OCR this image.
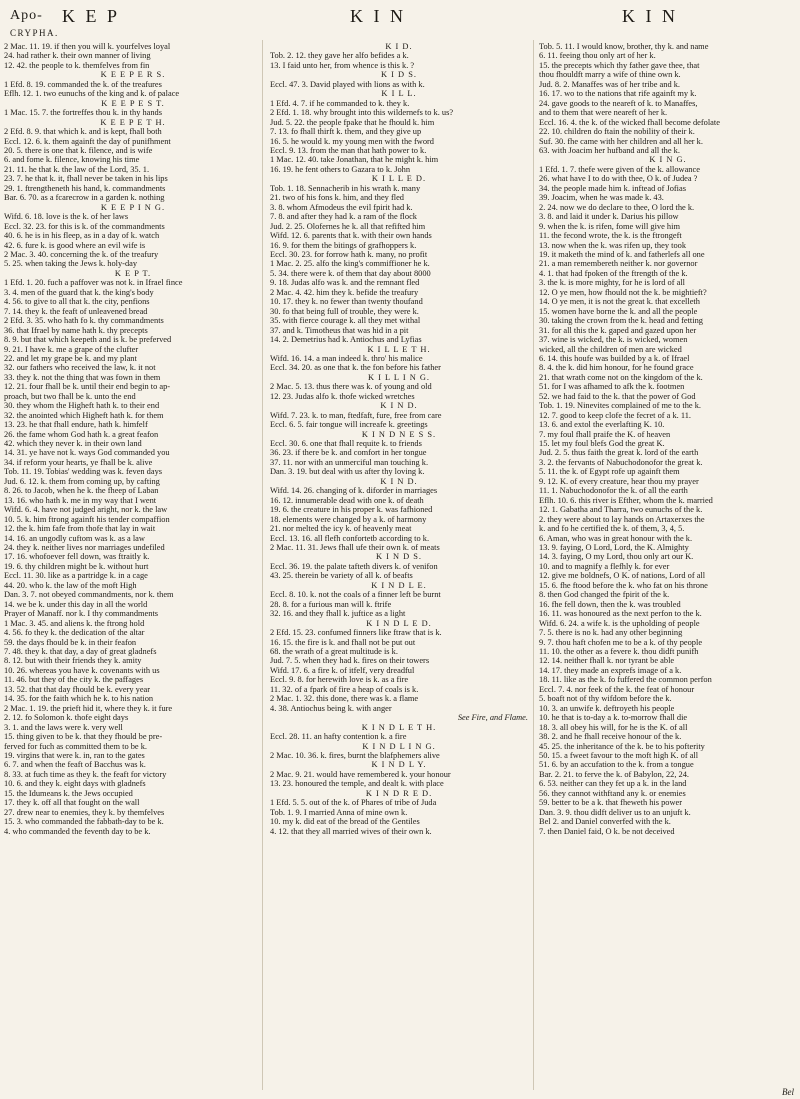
Apo-
CRYPHA.
K E P	K I N	K I N

2 Mac. 11. 19. if then you will k. yourfelves loyal

24. had rather k. their own manner of living

12. 42. the people to k. themfelves from fin

K E E P E R S.

1 Efd. 8. 19. commanded the k. of the treafures

Eflh. 12. 1. two eunuchs of the king and k. of palace

K E E P E S T.

1 Mac. 15. 7. the fortreffes thou k. in thy hands

K E E P E T H.

2 Efd. 8. 9. that which k. and is kept, fhall both

Eccl. 12. 6. k. them againft the day of punifhment

20. 5. there is one that k. filence, and is wife

6. and fome k. filence, knowing his time

21. 11. he that k. the law of the Lord, 35. 1.

23. 7. he that k. it, fhall never be taken in his lips

29. 1. ftrengtheneth his hand, k. commandments

Bar. 6. 70. as a fcarecrow in a garden k. nothing

K E E P I N G.

Wifd. 6. 18. love is the k. of her laws

Eccl. 32. 23. for this is k. of the commandments

40. 6. he is in his fleep, as in a day of k. watch

42. 6. fure k. is good where an evil wife is

2 Mac. 3. 40. concerning the k. of the treafury

5. 25. when taking the Jews k. holy-day

K E P T.

1 Efd. 1. 20. fuch a paffover was not k. in Ifrael fince

3. 4. men of the guard that k. the king's body

4. 56. to give to all that k. the city, penfions

7. 14. they k. the feaft of unleavened bread

2 Efd. 3. 35. who hath fo k. thy commandments

36. that Ifrael by name hath k. thy precepts

8. 9. but that which keepeth and is k. be preferved

9. 21. I have k. me a grape of the clufter

22. and let my grape be k. and my plant

32. our fathers who received the law, k. it not

33. they k. not the thing that was fown in them

12. 21. four fhall be k. until their end begin to ap-

proach, but two fhall be k. unto the end

30. they whom the Higheft hath k. to their end

32. the anointed which Higheft hath k. for them

13. 23. he that fhall endure, hath k. himfelf

26. the fame whom God hath k. a great feafon

42. which they never k. in their own land

14. 31. ye have not k. ways God commanded you

34. if reform your hearts, ye fhall be k. alive

Tob. 11. 19. Tobias' wedding was k. feven days

Jud. 6. 12. k. them from coming up, by cafting

8. 26. to Jacob, when he k. the fheep of Laban

13. 16. who hath k. me in my way that I went

Wifd. 6. 4. have not judged aright, nor k. the law

10. 5. k. him ftrong againft his tender compaffion

12. the k. him fafe from thofe that lay in wait

14. 16. an ungodly cuftom was k. as a law

24. they k. neither lives nor marriages undefiled

17. 16. whofoever fell down, was ftraitly k.

19. 6. thy children might be k. without hurt

Eccl. 11. 30. like as a partridge k. in a cage

44. 20. who k. the law of the moft High

Dan. 3. 7. not obeyed commandments, nor k. them

14. we be k. under this day in all the world

Prayer of Manaff. nor k. I thy commandments

1 Mac. 3. 45. and aliens k. the ftrong hold

4. 56. fo they k. the dedication of the altar

59. the days fhould be k. in their feafon

7. 48. they k. that day, a day of great gladnefs

8. 12. but with their friends they k. amity

10. 26. whereas you have k. covenants with us

11. 46. but they of the city k. the paffages

13. 52. that that day fhould be k. every year

14. 35. for the faith which he k. to his nation

2 Mac. 1. 19. the prieft hid it, where they k. it fure

2. 12. fo Solomon k. thofe eight days

3. 1. and the laws were k. very well

15. thing given to be k. that they fhould be pre-

ferved for fuch as committed them to be k.

19. virgins that were k. in, ran to the gates

6. 7. and when the feaft of Bacchus was k.

8. 33. at fuch time as they k. the feaft for victory

10. 6. and they k. eight days with gladnefs

15. the Idumeans k. the Jews occupied

17. they k. off all that fought on the wall

27. drew near to enemies, they k. by themfelves

15. 3. who commanded the fabbath-day to be k.

4. who commanded the feventh day to be k.

K I D.

Tob. 2. 12. they gave her alfo befides a k.

13. I faid unto her, from whence is this k. ?

K I D S.

Eccl. 47. 3. David played with lions as with k.

K I L L.

1 Efd. 4. 7. if he commanded to k. they k.

2 Efd. 1. 18. why brought into this wildernefs to k. us?

Jud. 5. 22. the people fpake that he fhould k. him

7. 13. fo fhall thirft k. them, and they give up

16. 5. he would k. my young men with the fword

Eccl. 9. 13. from the man that hath power to k.

1 Mac. 12. 40. take Jonathan, that he might k. him

16. 19. he fent others to Gazara to k. John

K I L L E D.

Tob. 1. 18. Sennacherib in his wrath k. many

21. two of his fons k. him, and they fled

3. 8. whom Afmodeus the evil fpirit had k.

7. 8. and after they had k. a ram of the flock

Jud. 2. 25. Olofernes he k. all that refifted him

Wifd. 12. 6. parents that k. with their own hands

16. 9. for them the bitings of grafhoppers k.

Eccl. 30. 23. for forrow hath k. many, no profit

1 Mac. 2. 25. alfo the king's commiffioner he k.

5. 34. there were k. of them that day about 8000

9. 18. Judas alfo was k. and the remnant fled

2 Mac. 4. 42. him they k. befide the treafury

10. 17. they k. no fewer than twenty thoufand

30. fo that being full of trouble, they were k.

35. with fierce courage k. all they met withal

37. and k. Timotheus that was hid in a pit

14. 2. Demetrius had k. Antiochus and Lyfias

K I L L E T H.

Wifd. 16. 14. a man indeed k. thro' his malice

Eccl. 34. 20. as one that k. the fon before his father

K I L L I N G.

2 Mac. 5. 13. thus there was k. of young and old

12. 23. Judas alfo k. thofe wicked wretches

K I N D.

Wifd. 7. 23. k. to man, ftedfaft, fure, free from care

Eccl. 6. 5. fair tongue will increafe k. greetings

K I N D N E S S.

Eccl. 30. 6. one that fhall requite k. to friends

36. 23. if there be k. and comfort in her tongue

37. 11. nor with an unmerciful man touching k.

Dan. 3. 19. but deal with us after thy loving k.

K I N D.

Wifd. 14. 26. changing of k. diforder in marriages

16. 12. innumerable dead with one k. of death

19. 6. the creature in his proper k. was fafhioned

18. elements were changed by a k. of harmony

21. nor melted the icy k. of heavenly meat

Eccl. 13. 16. all flefh confortetb according to k.

2 Mac. 11. 31. Jews fhall ufe their own k. of meats

K I N D S.

Eccl. 36. 19. the palate tafteth divers k. of venifon

43. 25. therein be variety of all k. of beafts

K I N D L E.

Eccl. 8. 10. k. not the coals of a finner left be burnt

28. 8. for a furious man will k. ftrife

32. 16. and they fhall k. juftice as a light

K I N D L E D.

2 Efd. 15. 23. confumed finners like ftraw that is k.

16. 15. the fire is k. and fhall not be put out

68. the wrath of a great multitude is k.

Jud. 7. 5. when they had k. fires on their towers

Wifd. 17. 6. a fire k. of itfelf, very dreadful

Eccl. 9. 8. for herewith love is k. as a fire

11. 32. of a fpark of fire a heap of coals is k.

2 Mac. 1. 32. this done, there was k. a flame

4. 38. Antiochus being k. with anger

See Fire, and Flame.

K I N D L E T H.

Eccl. 28. 11. an hafty contention k. a fire

K I N D L I N G.

2 Mac. 10. 36. k. fires, burnt the blafphemers alive

K I N D L Y.

2 Mac. 9. 21. would have remembered k. your honour

13. 23. honoured the temple, and dealt k. with place

K I N D R E D.

1 Efd. 5. 5. out of the k. of Phares of tribe of Juda

Tob. 1. 9. I married Anna of mine own k.

10. my k. did eat of the bread of the Gentiles

4. 12. that they all married wives of their own k.

Tob. 5. 11. I would know, brother, thy k. and name

6. 11. feeing thou only art of her k.

15. the precepts which thy father gave thee, that

thou fhouldft marry a wife of thine own k.

Jud. 8. 2. Manaffes was of her tribe and k.

16. 17. wo to the nations that rife againft my k.

24. gave goods to the neareft of k. to Manaffes,

and to them that were neareft of her k.

Eccl. 16. 4. the k. of the wicked fhall become defolate

22. 10. children do ftain the nobility of their k.

Suf. 30. fhe came with her children and all her k.

63. with Joacim her hufband and all the k.

K I N G.

1 Efd. 1. 7. thefe were given of the k. allowance

26. what have I to do with thee, O k. of Judea ?

34. the people made him k. inftead of Jofias

39. Joacim, when he was made k. 43.

2. 24. now we do declare to thee, O lord the k.

3. 8. and laid it under k. Darius his pillow

9. when the k. is rifen, fome will give him

11. the fecond wrote, the k. is the ftrongeft

13. now when the k. was rifen up, they took

19. it maketh the mind of k. and fatherlefs all one

21. a man remembereth neither k. nor governor

4. 1. that had fpoken of the ftrength of the k.

3. the k. is more mighty, for he is lord of all

12. O ye men, how fhould not the k. be mightieft?

14. O ye men, it is not the great k. that excelleth

15. women have borne the k. and all the people

30. taking the crown from the k. head and fetting

31. for all this the k. gaped and gazed upon her

37. wine is wicked, the k. is wicked, women

wicked, all the children of men are wicked

6. 14. this houfe was builded by a k. of Ifrael

8. 4. the k. did him honour, for he found grace

21. that wrath come not on the kingdom of the k.

51. for I was afhamed to afk the k. footmen

52. we had faid to the k. that the power of God

Tob. 1. 19. Ninevites complained of me to the k.

12. 7. good to keep clofe the fecret of a k. 11.

13. 6. and extol the everlafting K. 10.

7. my foul fhall praife the K. of heaven

15. let my foul blefs God the great K.

Jud. 2. 5. thus faith the great k. lord of the earth

3. 2. the fervants of Nabuchodonofor the great k.

5. 11. the k. of Egypt rofe up againft them

9. 12. K. of every creature, hear thou my prayer

11. 1. Nabuchodonofor the k. of all the earth

Eflh. 10. 6. this river is Efther, whom the k. married

12. 1. Gabatha and Tharra, two eunuchs of the k.

2. they were about to lay hands on Artaxerxes the

k. and fo he certified the k. of them, 3, 4, 5.

6. Aman, who was in great honour with the k.

13. 9. faying, O Lord, Lord, the K. Almighty

14. 3. faying, O my Lord, thou only art our K.

10. and to magnify a flefhly k. for ever

12. give me boldnefs, O K. of nations, Lord of all

15. 6. fhe ftood before the k. who fat on his throne

8. then God changed the fpirit of the k.

16. fhe fell down, then the k. was troubled

16. 11. was honoured as the next perfon to the k.

Wifd. 6. 24. a wife k. is the upholding of people

7. 5. there is no k. had any other beginning

9. 7. thou haft chofen me to be a k. of thy people

11. 10. the other as a fevere k. thou didft punifh

12. 14. neither fhall k. nor tyrant be able

14. 17. they made an exprefs image of a k.

18. 11. like as the k. fo fuffered the common perfon

Eccl. 7. 4. nor feek of the k. the feat of honour

5. boaft not of thy wifdom before the k.

10. 3. an unwife k. deftroyeth his people

10. he that is to-day a k. to-morrow fhall die

18. 3. all obey his will, for he is the K. of all

38. 2. and he fhall receive honour of the k.

45. 25. the inheritance of the k. be to his pofterity

50. 15. a fweet favour to the moft high K. of all

51. 6. by an accufation to the k. from a tongue

Bar. 2. 21. to ferve the k. of Babylon, 22, 24.

6. 53. neither can they fet up a k. in the land

56. they cannot withftand any k. or enemies

59. better to be a k. that fheweth his power

Dan. 3. 9. thou didft deliver us to an unjuft k.

Bel 2. and Daniel converfed with the k.

7. then Daniel faid, O k. be not deceived

Bel
